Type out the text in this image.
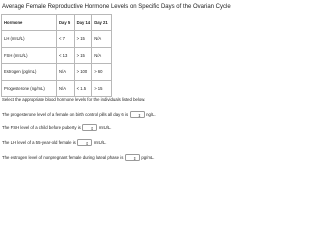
Average Female Reproductive Hormone Levels on Specific Days of the Ovarian Cycle
Hormone	Day 5	Day 14	Day 21
LH (mIU/L)	< 7	> 15	N/A
FSH (mIU/L)	< 13	> 15	N/A
Estrogen (pg/mL)	N/A	> 100	> 60
Progesterone (ng/mL)	N/A	< 1.5	> 15
Select the appropriate blood hormone levels for the individuals listed below.
The progesterone level of a female on birth control pills all day 6 is ⇕ ng/L.
The FSH level of a child before puberty is ⇕ mIU/L.
The LH level of a 55-year-old female is ⇕ mIU/L.
The estrogen level of nonpregnant female during luteal phase is ⇕ pg/mL.
